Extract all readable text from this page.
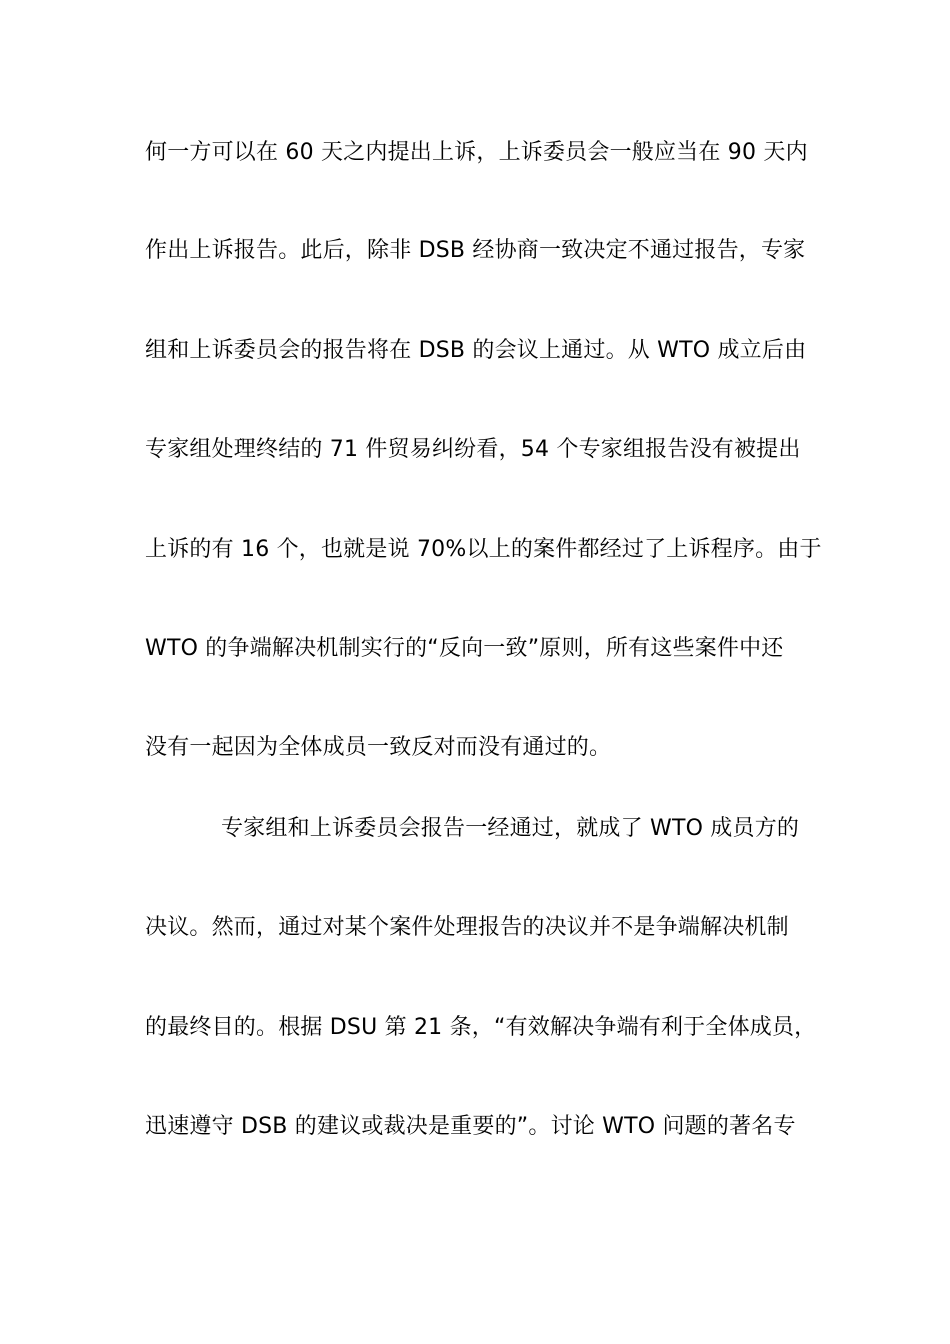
何一方可以在 60 天之内提出上诉，上诉委员会一般应当在 90 天内
作出上诉报告。此后，除非 DSB 经协商一致决定不通过报告，专家
组和上诉委员会的报告将在 DSB 的会议上通过。从 WTO 成立后由
专家组处理终结的 71 件贸易纠纷看，54 个专家组报告没有被提出
上诉的有 16 个，也就是说 70%以上的案件都经过了上诉程序。由于
WTO 的争端解决机制实行的“反向一致”原则，所有这些案件中还
没有一起因为全体成员一致反对而没有通过的。
专家组和上诉委员会报告一经通过，就成了 WTO 成员方的
决议。然而，通过对某个案件处理报告的决议并不是争端解决机制
的最终目的。根据 DSU 第 21 条，“有效解决争端有利于全体成员，
迅速遵守 DSB 的建议或裁决是重要的”。讨论 WTO 问题的著名专
